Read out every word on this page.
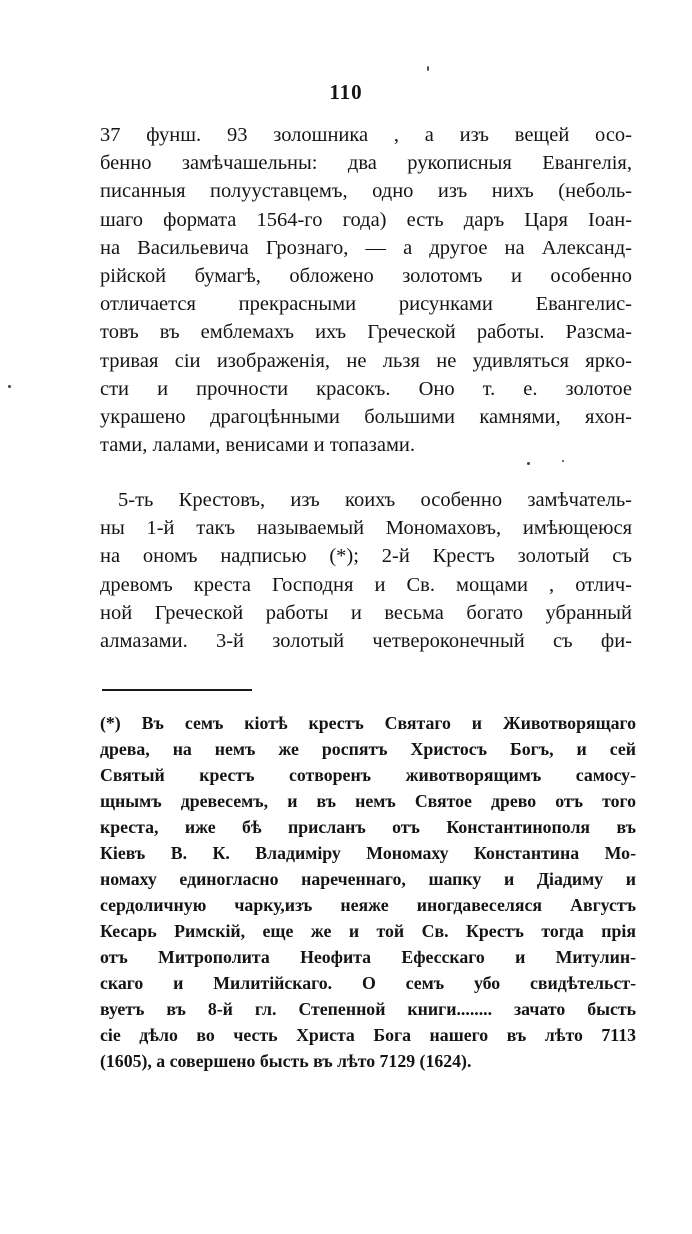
110
37 фунш. 93 золошника , а изъ вещей осо-
бенно замѣчашельны: два рукописныя Евангелія,
писанныя полууставцемъ, одно изъ нихъ (неболь-
шаго формата 1564-го года) есть даръ Царя Іоан-
на Васильевича Грознаго, — а другое на Александ-
рійской бумагѣ, обложено золотомъ и особенно
отличается прекрасными рисунками Евангелис-
товъ въ емблемахъ ихъ Греческой работы. Разсма-
тривая сіи изображенія, не льзя не удивляться яркo-
сти и прочности красокъ. Оно т. е. золотое
украшено драгоцѣнными большими камнями, яхон-
тами, лалами, венисами и топазами.
5-ть Крестовъ, изъ коихъ особенно замѣчатель-
ны 1-й такъ называемый Мономаховъ, имѣющеюся
на ономъ надписью (*); 2-й Крестъ золотый съ
древомъ креста Господня и Св. мощами , отлич-
ной Греческой работы и весьма богато убранный
алмазами. 3-й золотый четвероконечный съ фи-
(*) Въ семъ кіотѣ крестъ Святаго и Животворящаго
древа, на немъ же роспятъ Христосъ Богъ, и сей
Святый крестъ сотворенъ животворящимъ самосу-
щнымъ древесемъ, и въ немъ Святое древо отъ того
креста, иже бѣ присланъ отъ Константинополя въ
Кіевъ В. К. Владиміру Мономаху Константина Мо-
номаху единогласно нареченнаго, шапку и Діадиму и
сердоличную чарку,изъ неяже иногдавеселяся Августъ
Кесарь Римскій, еще же и той Св. Крестъ тогда прія
отъ Митрополита Неофита Ефесскаго и Митулин-
скаго и Милитійскаго. О семъ убо свидѣтельст-
вуетъ въ 8-й гл. Степенной книги........ зачато бысть
сіе дѣло во честь Христа Бога нашего въ лѣто 7113
(1605), а совершено бысть въ лѣто 7129 (1624).
